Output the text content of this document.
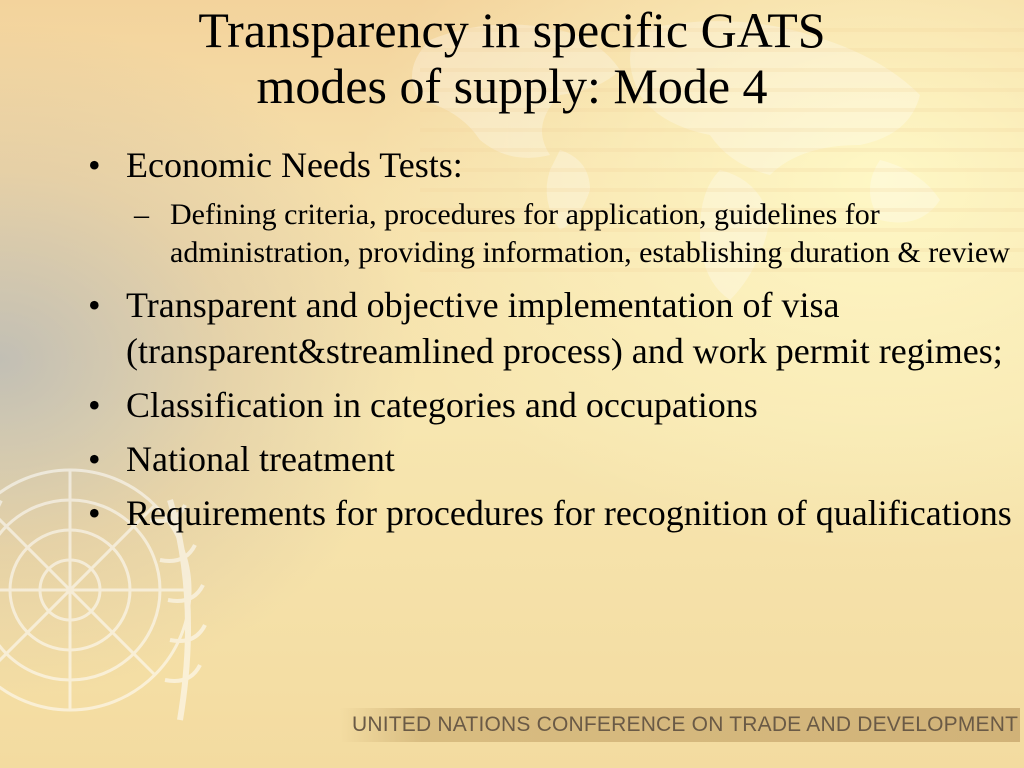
Transparency in specific GATS
modes of supply: Mode 4
• Economic Needs Tests:
– Defining criteria, procedures for application, guidelines for administration, providing information, establishing duration & review
• Transparent and objective implementation of visa (transparent&streamlined process) and work permit regimes;
• Classification in categories and occupations
• National treatment
• Requirements for procedures for recognition of qualifications
UNITED NATIONS CONFERENCE ON TRADE AND DEVELOPMENT
